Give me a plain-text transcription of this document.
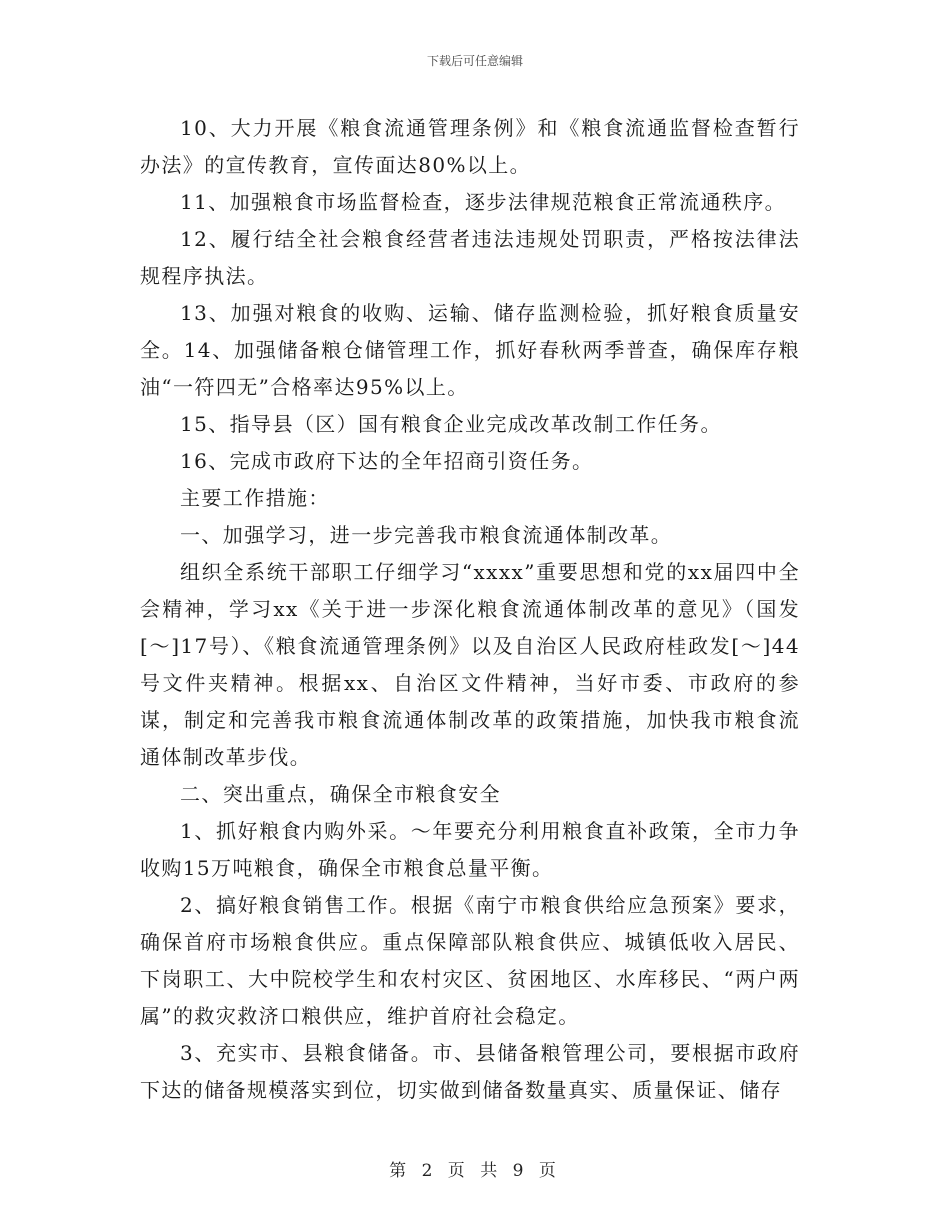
下载后可任意编辑

10、大力开展《粮食流通管理条例》和《粮食流通监督检查暂行办法》的宣传教育，宣传面达80%以上。

11、加强粮食市场监督检查，逐步法律规范粮食正常流通秩序。

12、履行结全社会粮食经营者违法违规处罚职责，严格按法律法规程序执法。

13、加强对粮食的收购、运输、储存监测检验，抓好粮食质量安全。14、加强储备粮仓储管理工作，抓好春秋两季普查，确保库存粮油“一符四无”合格率达95%以上。

15、指导县（区）国有粮食企业完成改革改制工作任务。

16、完成市政府下达的全年招商引资任务。

主要工作措施：

一、加强学习，进一步完善我市粮食流通体制改革。

组织全系统干部职工仔细学习“xxxx”重要思想和党的xx届四中全会精神，学习xx《关于进一步深化粮食流通体制改革的意见》（国发[～]17号）、《粮食流通管理条例》以及自治区人民政府桂政发[～]44号文件夹精神。根据xx、自治区文件精神，当好市委、市政府的参谋，制定和完善我市粮食流通体制改革的政策措施，加快我市粮食流通体制改革步伐。

二、突出重点，确保全市粮食安全

1、抓好粮食内购外采。～年要充分利用粮食直补政策，全市力争收购15万吨粮食，确保全市粮食总量平衡。

2、搞好粮食销售工作。根据《南宁市粮食供给应急预案》要求，确保首府市场粮食供应。重点保障部队粮食供应、城镇低收入居民、下岗职工、大中院校学生和农村灾区、贫困地区、水库移民、“两户两属”的救灾救济口粮供应，维护首府社会稳定。

3、充实市、县粮食储备。市、县储备粮管理公司，要根据市政府下达的储备规模落实到位，切实做到储备数量真实、质量保证、储存

第 2 页 共 9 页
